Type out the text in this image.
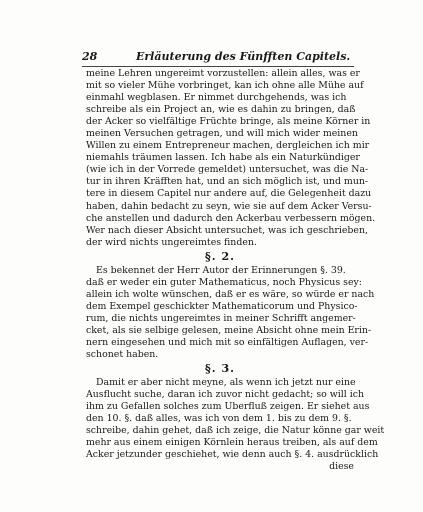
28	Erläuterung des Fünfften Capitels.
meine Lehren ungereimt vorzustellen: allein alles, was er
mit so vieler Mühe vorbringet, kan ich ohne alle Mühe auf
einmahl wegblasen. Er nimmet durchgehends, was ich
schreibe als ein Project an, wie es dahin zu bringen, daß
der Acker so vielfältige Früchte bringe, als meine Körner in
meinen Versuchen getragen, und will mich wider meinen
Willen zu einem Entrepreneur machen, dergleichen ich mir
niemahls träumen lassen. Ich habe als ein Naturkündiger
(wie ich in der Vorrede gemeldet) untersuchet, was die Na-
tur in ihren Kräfften hat, und an sich möglich ist, und mun-
tere in diesem Capitel nur andere auf, die Gelegenheit dazu
haben, dahin bedacht zu seyn, wie sie auf dem Acker Versu-
che anstellen und dadurch den Ackerbau verbessern mögen.
Wer nach dieser Absicht untersuchet, was ich geschrieben,
der wird nichts ungereimtes finden.
§. 2.
Es bekennet der Herr Autor der Erinnerungen §. 39.
daß er weder ein guter Mathematicus, noch Physicus sey:
allein ich wolte wünschen, daß er es wäre, so würde er nach
dem Exempel geschickter Mathematicorum und Physico-
rum, die nichts ungereimtes in meiner Schrifft angemer-
cket, als sie selbige gelesen, meine Absicht ohne mein Erin-
nern eingesehen und mich mit so einfältigen Auflagen, ver-
schonet haben.
§. 3.
Damit er aber nicht meyne, als wenn ich jetzt nur eine
Ausflucht suche, daran ich zuvor nicht gedacht; so will ich
ihm zu Gefallen solches zum Uberfluß zeigen. Er siehet aus
den 10. §. daß alles, was ich von dem 1. bis zu dem 9. §.
schreibe, dahin gehet, daß ich zeige, die Natur könne gar weit
mehr aus einem einigen Körnlein heraus treiben, als auf dem
Acker jetzunder geschiehet, wie denn auch §. 4. ausdrücklich
diese
